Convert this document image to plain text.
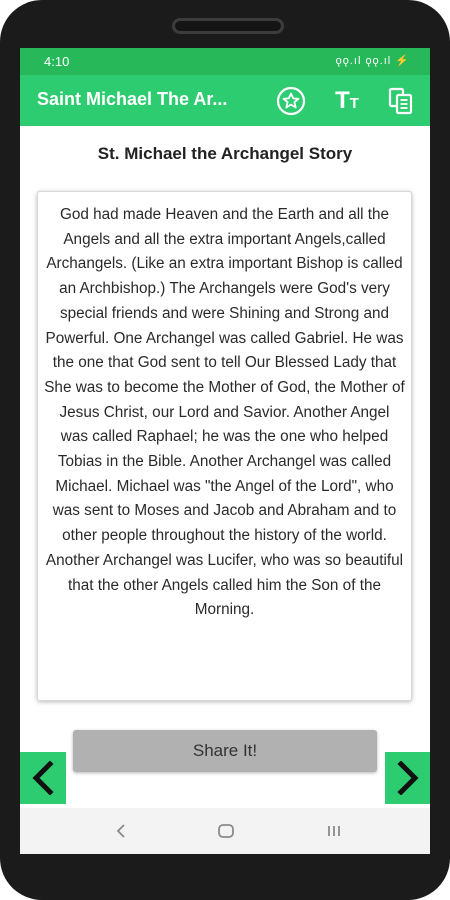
4:10	ǫǫ.ıl ǫǫ.ıl ⚡
Saint Michael The Ar...	TT
St. Michael the Archangel Story

God had made Heaven and the Earth and all the Angels and all the extra important Angels,called Archangels. (Like an extra important Bishop is called an Archbishop.) The Archangels were God's very special friends and were Shining and Strong and Powerful. One Archangel was called Gabriel. He was the one that God sent to tell Our Blessed Lady that She was to become the Mother of God, the Mother of Jesus Christ, our Lord and Savior. Another Angel was called Raphael; he was the one who helped Tobias in the Bible. Another Archangel was called Michael. Michael was "the Angel of the Lord", who was sent to Moses and Jacob and Abraham and to other people throughout the history of the world. Another Archangel was Lucifer, who was so beautiful that the other Angels called him the Son of the Morning.

Share It!
